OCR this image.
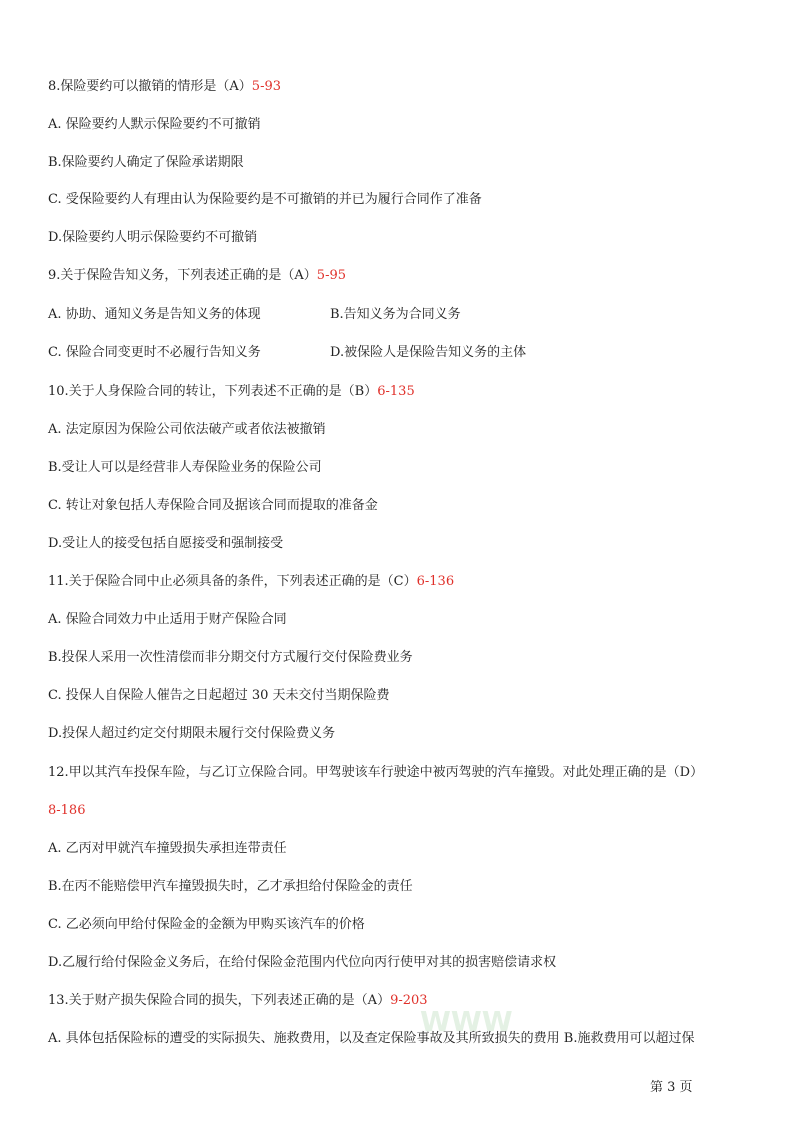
WWW
8.保险要约可以撤销的情形是（A）5-93
A. 保险要约人默示保险要约不可撤销
B.保险要约人确定了保险承诺期限
C. 受保险要约人有理由认为保险要约是不可撤销的并已为履行合同作了准备
D.保险要约人明示保险要约不可撤销
9.关于保险告知义务，下列表述正确的是（A）5-95
A. 协助、通知义务是告知义务的体现	B.告知义务为合同义务
C. 保险合同变更时不必履行告知义务	D.被保险人是保险告知义务的主体
10.关于人身保险合同的转让，下列表述不正确的是（B）6-135
A. 法定原因为保险公司依法破产或者依法被撤销
B.受让人可以是经营非人寿保险业务的保险公司
C. 转让对象包括人寿保险合同及据该合同而提取的准备金
D.受让人的接受包括自愿接受和强制接受
11.关于保险合同中止必须具备的条件，下列表述正确的是（C）6-136
A. 保险合同效力中止适用于财产保险合同
B.投保人采用一次性清偿而非分期交付方式履行交付保险费业务
C. 投保人自保险人催告之日起超过 30 天未交付当期保险费
D.投保人超过约定交付期限未履行交付保险费义务
12.甲以其汽车投保车险，与乙订立保险合同。甲驾驶该车行驶途中被丙驾驶的汽车撞毁。对此处理正确的是（D）
8-186
A. 乙丙对甲就汽车撞毁损失承担连带责任
B.在丙不能赔偿甲汽车撞毁损失时，乙才承担给付保险金的责任
C. 乙必须向甲给付保险金的金额为甲购买该汽车的价格
D.乙履行给付保险金义务后，在给付保险金范围内代位向丙行使甲对其的损害赔偿请求权
13.关于财产损失保险合同的损失，下列表述正确的是（A）9-203
A. 具体包括保险标的遭受的实际损失、施救费用，以及查定保险事故及其所致损失的费用 B.施救费用可以超过保
第 3 页
